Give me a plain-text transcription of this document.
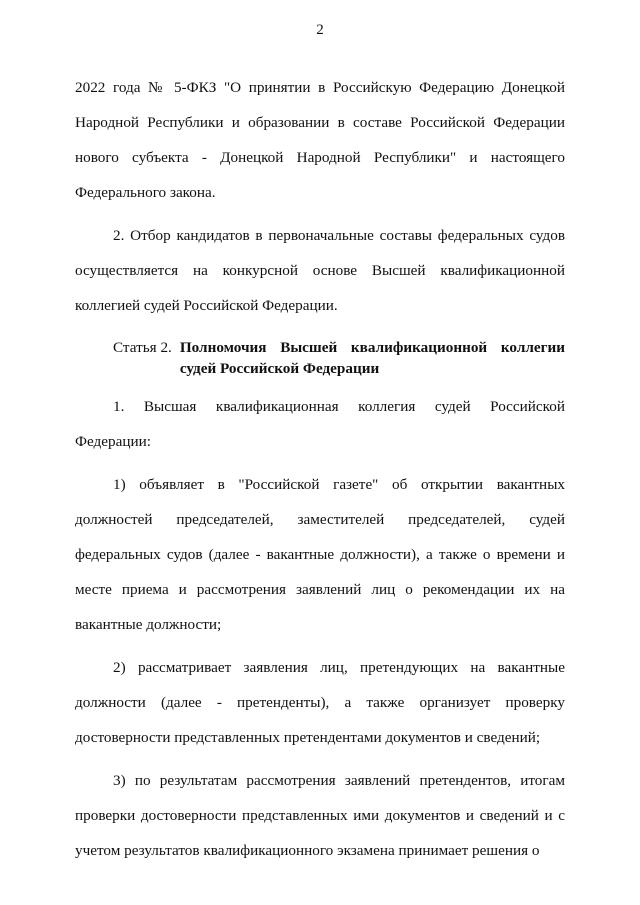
2

2022 года № 5-ФКЗ "О принятии в Российскую Федерацию Донецкой Народной Республики и образовании в составе Российской Федерации нового субъекта - Донецкой Народной Республики" и настоящего Федерального закона.

2. Отбор кандидатов в первоначальные составы федеральных судов осуществляется на конкурсной основе Высшей квалификационной коллегией судей Российской Федерации.

Статья 2. Полномочия Высшей квалификационной коллегии судей Российской Федерации

1. Высшая квалификационная коллегия судей Российской Федерации:

1) объявляет в "Российской газете" об открытии вакантных должностей председателей, заместителей председателей, судей федеральных судов (далее - вакантные должности), а также о времени и месте приема и рассмотрения заявлений лиц о рекомендации их на вакантные должности;

2) рассматривает заявления лиц, претендующих на вакантные должности (далее - претенденты), а также организует проверку достоверности представленных претендентами документов и сведений;

3) по результатам рассмотрения заявлений претендентов, итогам проверки достоверности представленных ими документов и сведений и с учетом результатов квалификационного экзамена принимает решения о
